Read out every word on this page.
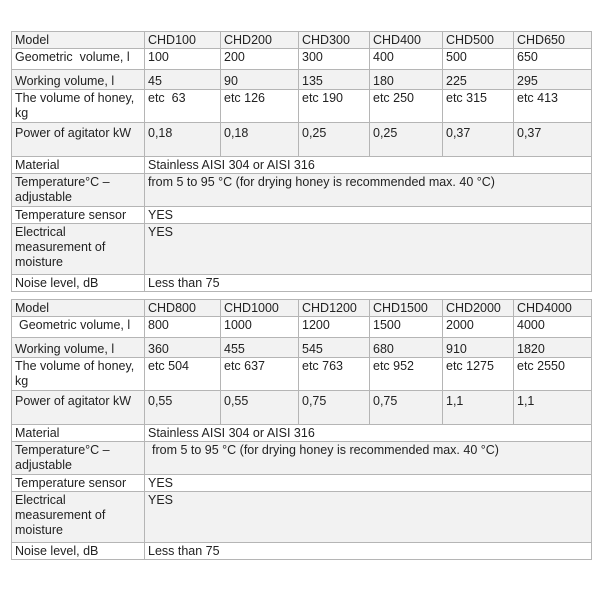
Model	CHD100	CHD200	CHD300	CHD400	CHD500	CHD650
Geometric  volume, l	100	200	300	400	500	650
Working volume, l	45	90	135	180	225	295
The volume of honey, kg	etc  63	etc 126	etc 190	etc 250	etc 315	etc 413
Power of agitator kW	0,18	0,18	0,25	0,25	0,37	0,37
Material	Stainless AISI 304 or AISI 316					
Temperature°C – adjustable	from 5 to 95 °C (for drying honey is recommended max. 40 °C)					
Temperature sensor	YES					
Electrical measurement of moisture	YES					
Noise level, dB	Less than 75					
Model	CHD800	CHD1000	CHD1200	CHD1500	CHD2000	CHD4000
Geometric volume, l	800	1000	1200	1500	2000	4000
Working volume, l	360	455	545	680	910	1820
The volume of honey, kg	etc 504	etc 637	etc 763	etc 952	etc 1275	etc 2550
Power of agitator kW	0,55	0,55	0,75	0,75	1,1	1,1
Material	Stainless AISI 304 or AISI 316					
Temperature°C – adjustable	from 5 to 95 °C (for drying honey is recommended max. 40 °C)					
Temperature sensor	YES					
Electrical measurement of moisture	YES					
Noise level, dB	Less than 75					
